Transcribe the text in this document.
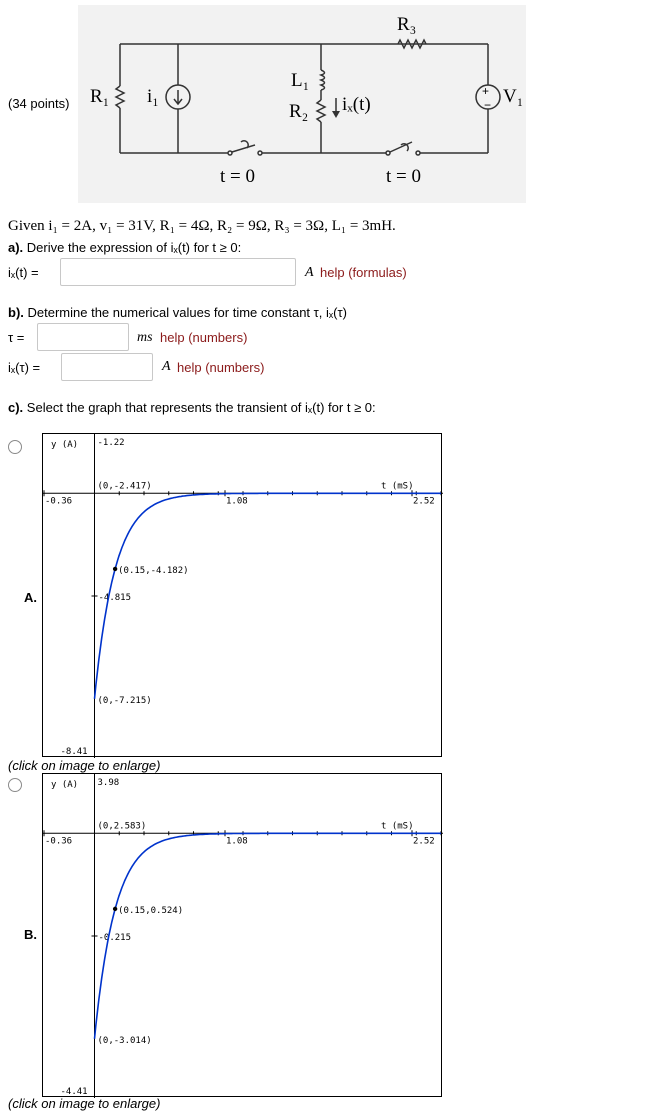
R₁ i₁
L₁
R₂ iₓ(t)
R₃
V₁
+
−
t = 0	t = 0
(34 points)
Given i₁ = 2A, v₁ = 31V, R₁ = 4Ω, R₂ = 9Ω, R₃ = 3Ω, L₁ = 3mH.
a). Derive the expression of iₓ(t) for t ≥ 0:
iₓ(t) =	A help (formulas)
b). Determine the numerical values for time constant τ, iₓ(τ)
τ =	ms help (numbers)
iₓ(τ) =	A help (numbers)
c). Select the graph that represents the transient of iₓ(t) for t ≥ 0:
A.
y (A)
t (mS)
-0.36	1.08	2.52
-1.22
-4.815
-8.41
(0,-2.417)
(0.15,-4.182)
(0,-7.215)
(click on image to enlarge)
B.
y (A)
t (mS)
-0.36	1.08	2.52
3.98
-0.215
-4.41
(0,2.583)
(0.15,0.524)
(0,-3.014)
(click on image to enlarge)
